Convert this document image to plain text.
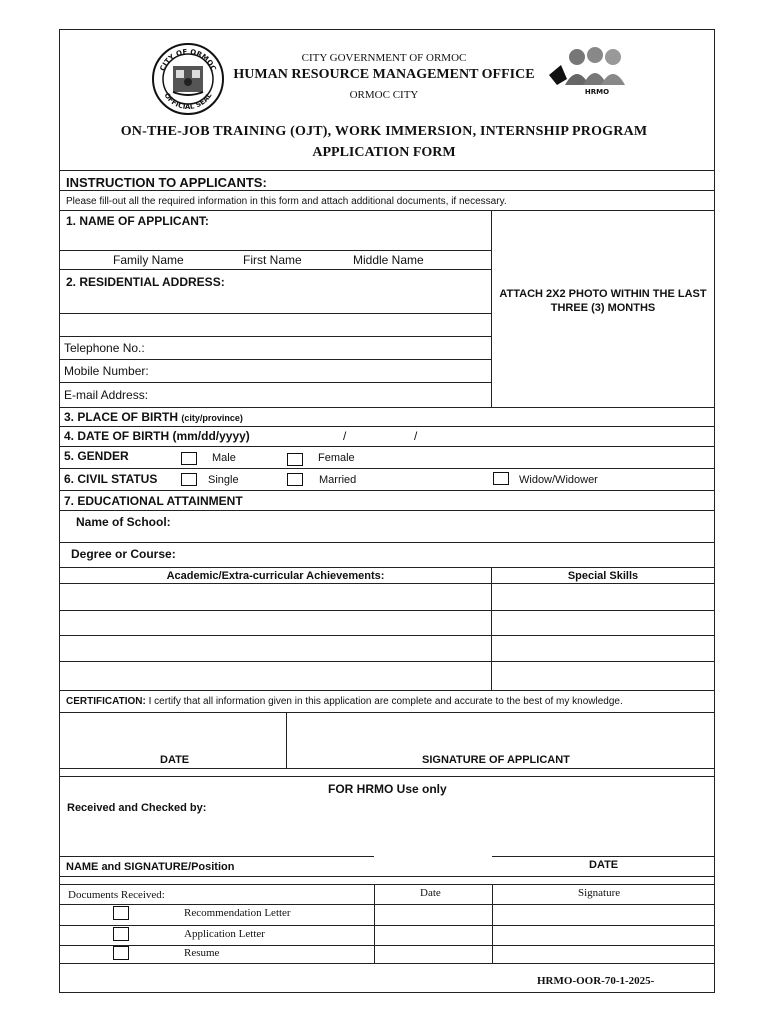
CITY OF ORMOC
OFFICIAL SEAL	HRMO
CITY GOVERNMENT OF ORMOC
HUMAN RESOURCE MANAGEMENT OFFICE
ORMOC CITY
ON-THE-JOB TRAINING (OJT), WORK IMMERSION, INTERNSHIP PROGRAM
APPLICATION FORM
INSTRUCTION TO APPLICANTS:
Please fill-out all the required information in this form and attach additional documents, if necessary.
1. NAME OF APPLICANT:
Family Name	First Name	Middle Name
2. RESIDENTIAL ADDRESS:
ATTACH 2X2 PHOTO WITHIN THE LAST
THREE (3) MONTHS
Telephone No.:
Mobile Number:
E-mail Address:
3. PLACE OF BIRTH (city/province)
4. DATE OF BIRTH (mm/dd/yyyy)	/	/
5. GENDER	Male	Female
6. CIVIL STATUS	Single	Married	Widow/Widower
7. EDUCATIONAL ATTAINMENT
Name of School:
Degree or Course:
Academic/Extra-curricular Achievements:	Special Skills
CERTIFICATION: I certify that all information given in this application are complete and accurate to the best of my knowledge.
DATE	SIGNATURE OF APPLICANT
FOR HRMO Use only
Received and Checked by:
NAME and SIGNATURE/Position	DATE
Documents Received:	Date	Signature
Recommendation Letter
Application Letter
Resume
HRMO-OOR-70-1-2025-
